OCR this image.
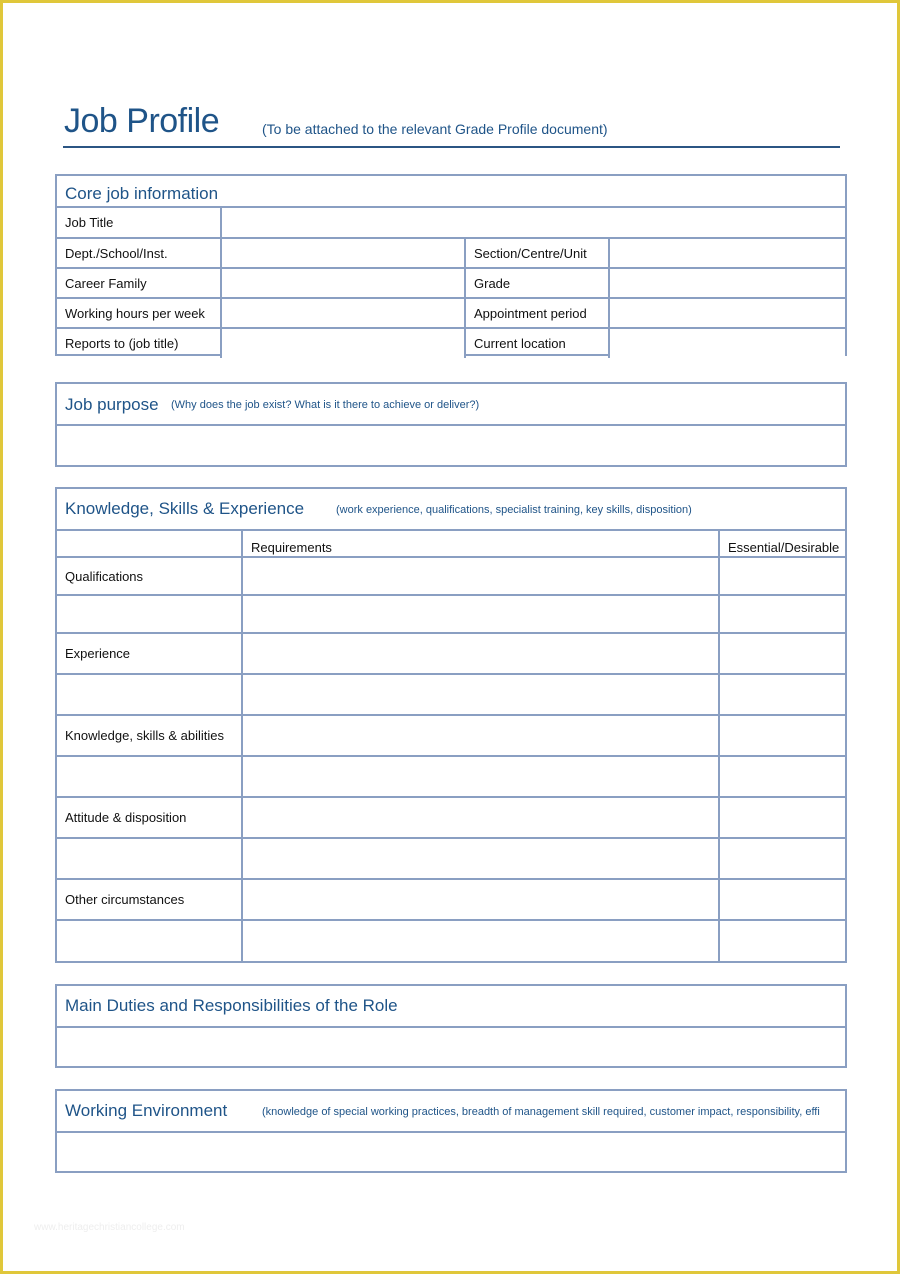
Job Profile	(To be attached to the relevant Grade Profile document)
Core job information
Job Title			
Dept./School/Inst.		Section/Centre/Unit	
Career Family		Grade	
Working hours per week		Appointment period	
Reports to (job title)		Current location	
Job purpose (Why does the job exist? What is it there to achieve or deliver?)
Knowledge, Skills & Experience	(work experience, qualifications, specialist training, key skills, disposition)
	Requirements	Essential/Desirable
Qualifications		

Experience		

Knowledge, skills & abilities		

Attitude & disposition		

Other circumstances		

Main Duties and Responsibilities of the Role
Working Environment	(knowledge of special working practices, breadth of management skill required, customer impact, responsibility, effi
www.heritagechristiancollege.com
